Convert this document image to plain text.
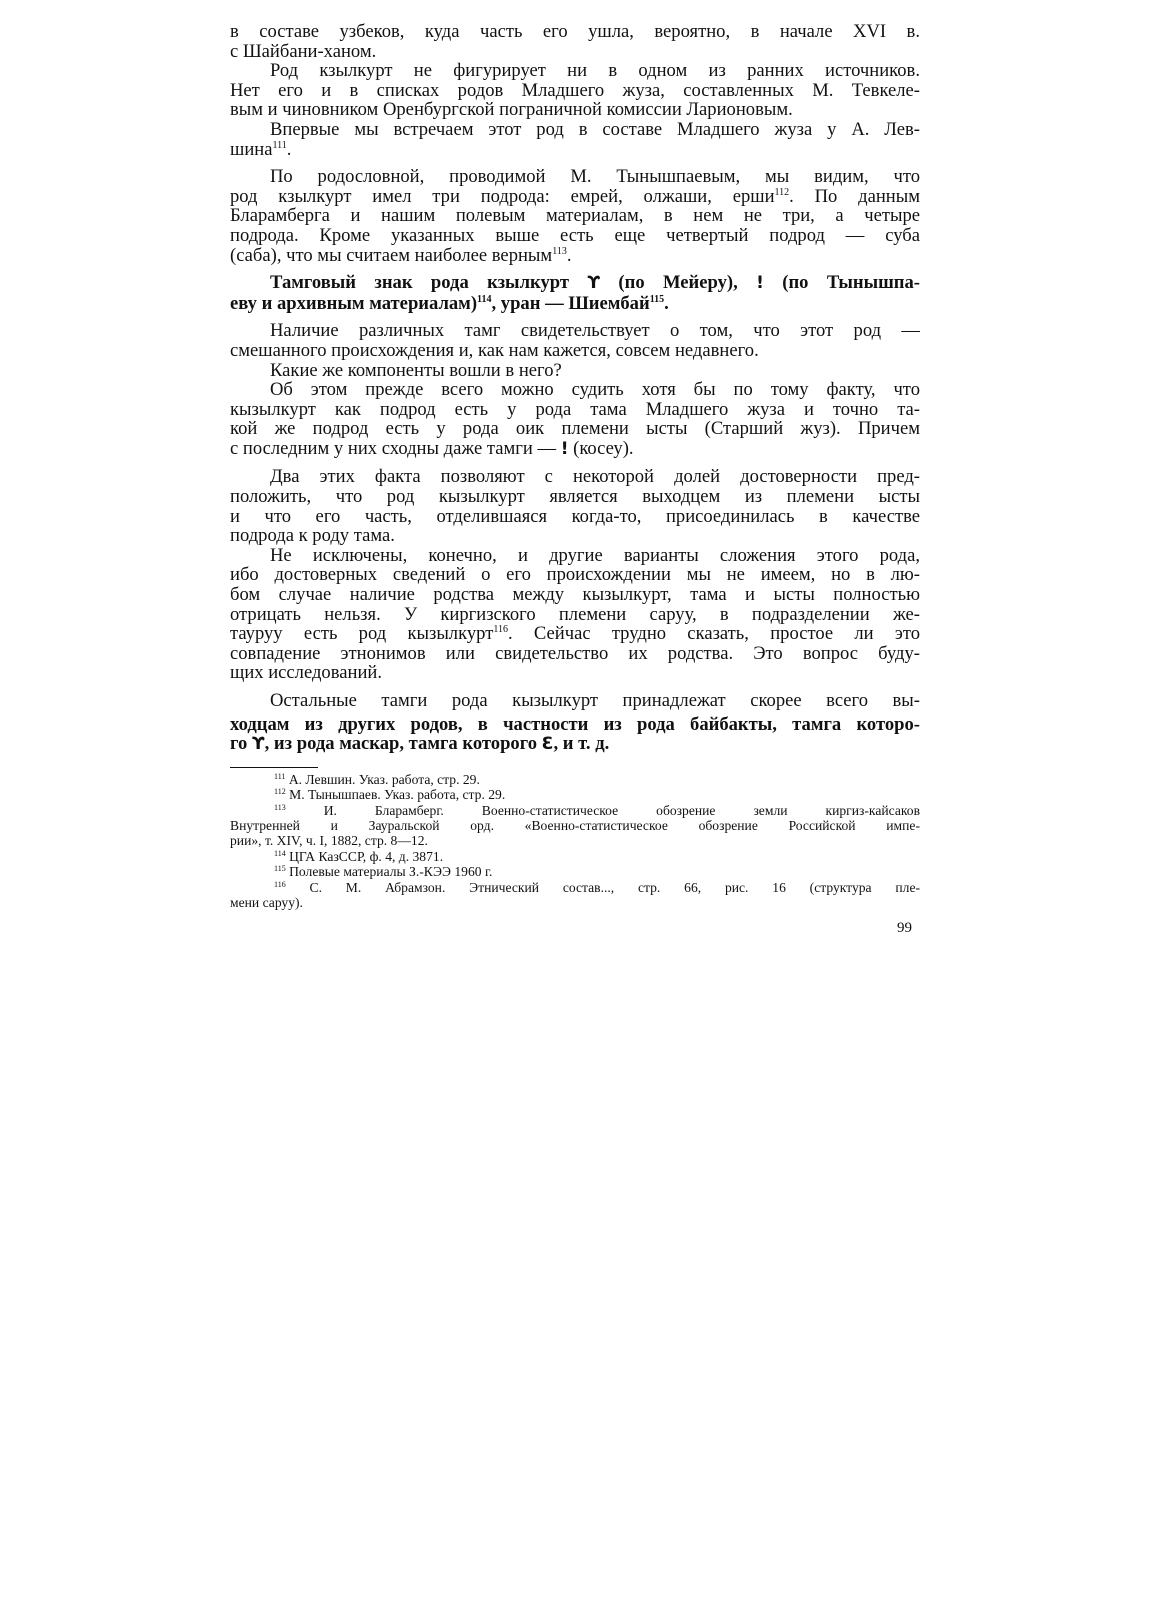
в составе узбеков, куда часть его ушла, вероятно, в начале XVI в.
с Шайбани-ханом.
Род кзылкурт не фигурирует ни в одном из ранних источников.
Нет его и в списках родов Младшего жуза, составленных М. Тевкеле-
вым и чиновником Оренбургской пограничной комиссии Ларионовым.
Впервые мы встречаем этот род в составе Младшего жуза у А. Лев-
шина$^{111}$.
По родословной, проводимой М. Тынышпаевым, мы видим, что
род кзылкурт имел три подрода: емрей, олжаши, ерши$^{112}$. По данным
Бларамберга и нашим полевым материалам, в нем не три, а четыре
подрода. Кроме указанных выше есть еще четвертый подрод — суба
(саба), что мы считаем наиболее верным$^{113}$.
Тамговый знак рода кзылкурт ϒ (по Мейеру), ! (по Тынышпа-
еву и архивным материалам)$^{114}$, уран — Шиембай$^{115}$.
Наличие различных тамг свидетельствует о том, что этот род —
смешанного происхождения и, как нам кажется, совсем недавнего.
Какие же компоненты вошли в него?
Об этом прежде всего можно судить хотя бы по тому факту, что
кызылкурт как подрод есть у рода тама Младшего жуза и точно та-
кой же подрод есть у рода оик племени ысты (Старший жуз). Причем
с последним у них сходны даже тамги — ! (косеу).
Два этих факта позволяют с некоторой долей достоверности пред-
положить, что род кызылкурт является выходцем из племени ысты
и что его часть, отделившаяся когда-то, присоединилась в качестве
подрода к роду тама.
Не исключены, конечно, и другие варианты сложения этого рода,
ибо достоверных сведений о его происхождении мы не имеем, но в лю-
бом случае наличие родства между кызылкурт, тама и ысты полностью
отрицать нельзя. У киргизского племени саруу, в подразделении же-
тауруу есть род кызылкурт$^{116}$. Сейчас трудно сказать, простое ли это
совпадение этнонимов или свидетельство их родства. Это вопрос буду-
щих исследований.
Остальные тамги рода кызылкурт принадлежат скорее всего вы-
ходцам из других родов, в частности из рода байбакты, тамга которо-
го ϒ, из рода маскар, тамга которого Ɛ, и т. д.
$^{111}$ А. Левшин. Указ. работа, стр. 29.
$^{112}$ М. Тынышпаев. Указ. работа, стр. 29.
$^{113}$	И. Бларамберг. Военно-статистическое обозрение земли киргиз-кайсаков
Внутренней и Зауральской орд. «Военно-статистическое обозрение Российской импе-
рии», т. XIV, ч. I, 1882, стр. 8—12.
$^{114}$ ЦГА КазССР, ф. 4, д. 3871.
$^{115}$ Полевые материалы З.-КЭЭ 1960 г.
$^{116}$ С. М. Абрамзон. Этнический состав..., стр. 66, рис. 16 (структура пле-
мени саруу).
99
